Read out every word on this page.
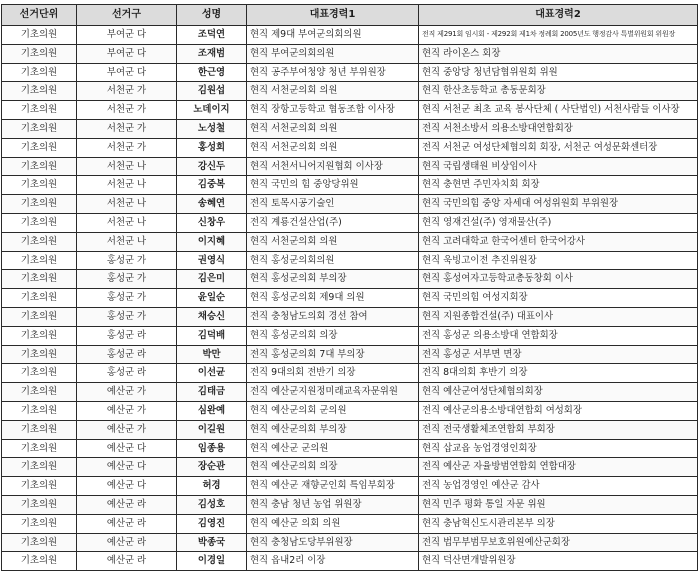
선거단위	선거구	성명	대표경력1	대표경력2
기초의원	부여군 다	조덕연	현직 제9대 부여군의회의원	전직 제291회 임시회 - 제292회 제1차 정례회 2005년도 행정감사 특별위원회 위원장
기초의원	부여군 다	조재범	현직 부여군의회의원	현직 라이온스 회장
기초의원	부여군 다	한근영	현직 공주부여청양 청년 부위원장	현직 중앙당 청년담협위원회 위원
기초의원	서천군 가	김원섭	현직 서천군의회 의원	현직 한산초등학교 총동문회장
기초의원	서천군 가	노데이지	현직 장항고등학교 협동조합 이사장	현직 서천군 최초 교육 봉사단체 ( 사단법인) 서천사람들 이사장
기초의원	서천군 가	노성철	현직 서천군의회 의원	전직 서천소방서 의용소방대연합회장
기초의원	서천군 가	홍성희	현직 서천군의회 의원	전직 서천군 여성단체협의회 회장, 서천군 여성문화센터장
기초의원	서천군 나	강신두	현직 서천서니어지원협회 이사장	현직 국립생태원 비상임이사
기초의원	서천군 나	김중복	현직 국민의 힘 중앙당위원	현직 충현면 주민자치회 회장
기초의원	서천군 나	송혜연	전직 토목시공기술인	현직 국민의힘 중앙 자세대 여성위원회 부위원장
기초의원	서천군 나	신창우	전직 계룡건설산업(주)	현직 영재건설(주) 영재물산(주)
기초의원	서천군 나	이지혜	현직 서천군의회 의원	현직 고려대학교 한국어센터 한국어강사
기초의원	홍성군 가	권영식	현직 홍성군의회의원	현직 욱빙고이전 추진위원장
기초의원	홍성군 가	김은미	현직 홍성군의회 부의장	현직 홍성여자고등학교총동창회 이사
기초의원	홍성군 가	윤일순	현직 홍성군의회 제9대 의원	현직 국민의힘 여성지회장
기초의원	홍성군 가	채승신	전직 충청남도의회 경선 참여	현직 지원종합건설(주) 대표이사
기초의원	홍성군 라	김덕배	현직 홍성군의회 의장	전직 홍성군 의용소방대 연합회장
기초의원	홍성군 라	박만	전직 홍성군의회 7대 부의장	전직 홍성군 서부면 면장
기초의원	홍성군 라	이선균	전직 9대의회 전반기 의장	전직 8대의회 후반기 의장
기초의원	예산군 가	김태금	전직 예산군지원정미래교육자문위원	현직 예산군여성단체협의회장
기초의원	예산군 가	심완예	현직 예산군의회 군의원	전직 예산군의용소방대연합회 여성회장
기초의원	예산군 가	이길원	현직 예산군의회 부의장	전직 전국생활체조연합회 부회장
기초의원	예산군 다	임종용	현직 예산군 군의원	현직 삽교읍 농업경영인회장
기초의원	예산군 다	장순관	현직 예산군의회 의장	전직 예산군 자율방범연합회 연합대장
기초의원	예산군 다	허경	현직 예산군 재향군인회 특임부회장	전직 농업경영인 예산군 감사
기초의원	예산군 라	김성호	현직 충남 청년 농업 위원장	현직 민주 평화 통일 자문 위원
기초의원	예산군 라	김영진	현직 예산군 의회 의원	현직 충남혁신도시관리본부 의장
기초의원	예산군 라	박종국	현직 충청남도당부위원장	전직 법무부범무보호위원예산군회장
기초의원	예산군 라	이경일	현직 읍내2리 이장	현직 덕산면개발위원장
